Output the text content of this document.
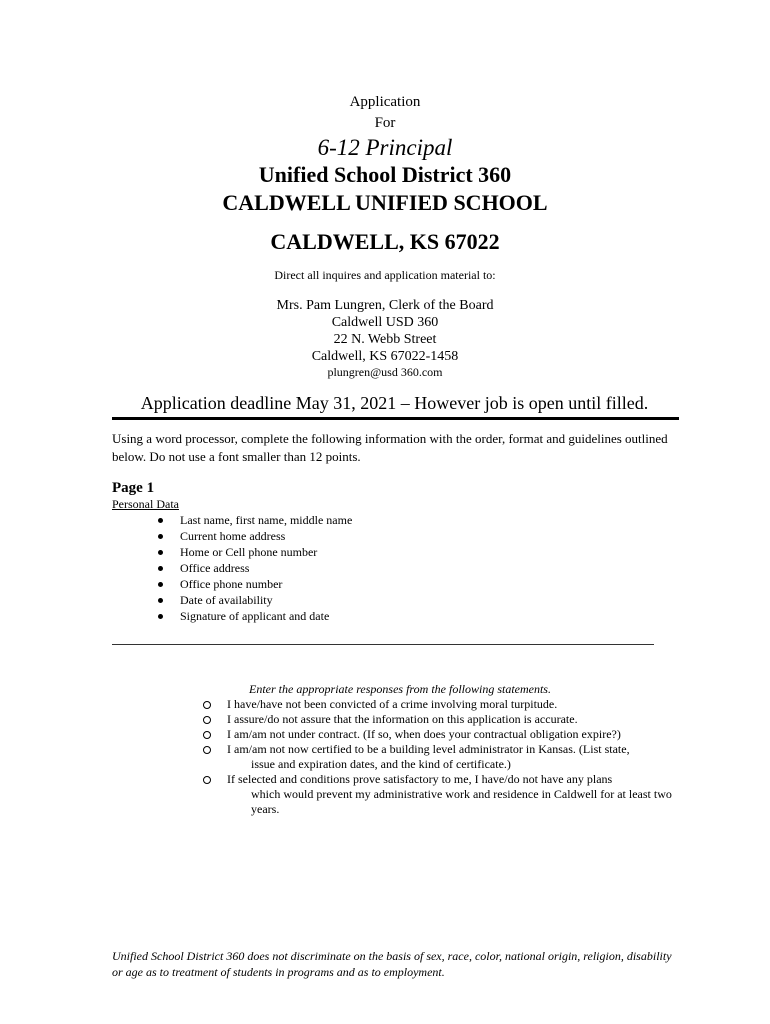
Application
For
6-12 Principal
Unified School District 360
CALDWELL UNIFIED SCHOOL
CALDWELL, KS 67022
Direct all inquires and application material to:
Mrs. Pam Lungren, Clerk of the Board
Caldwell USD 360
22 N. Webb Street
Caldwell, KS 67022-1458
plungren@usd 360.com
Application deadline May 31, 2021 – However job is open until filled.
Using a word processor, complete the following information with the order, format and guidelines outlined below. Do not use a font smaller than 12 points.
Page 1
Personal Data
Last name, first name, middle name
Current home address
Home or Cell phone number
Office address
Office phone number
Date of availability
Signature of applicant and date
Enter the appropriate responses from the following statements.
I have/have not been convicted of a crime involving moral turpitude.
I assure/do not assure that the information on this application is accurate.
I am/am not under contract. (If so, when does your contractual obligation expire?)
I am/am not now certified to be a building level administrator in Kansas. (List state,
issue and expiration dates, and the kind of certificate.)
If selected and conditions prove satisfactory to me, I have/do not have any plans
which would prevent my administrative work and residence in Caldwell for at least two years.
Unified School District 360 does not discriminate on the basis of sex, race, color, national origin, religion, disability or age as to treatment of students in programs and as to employment.
